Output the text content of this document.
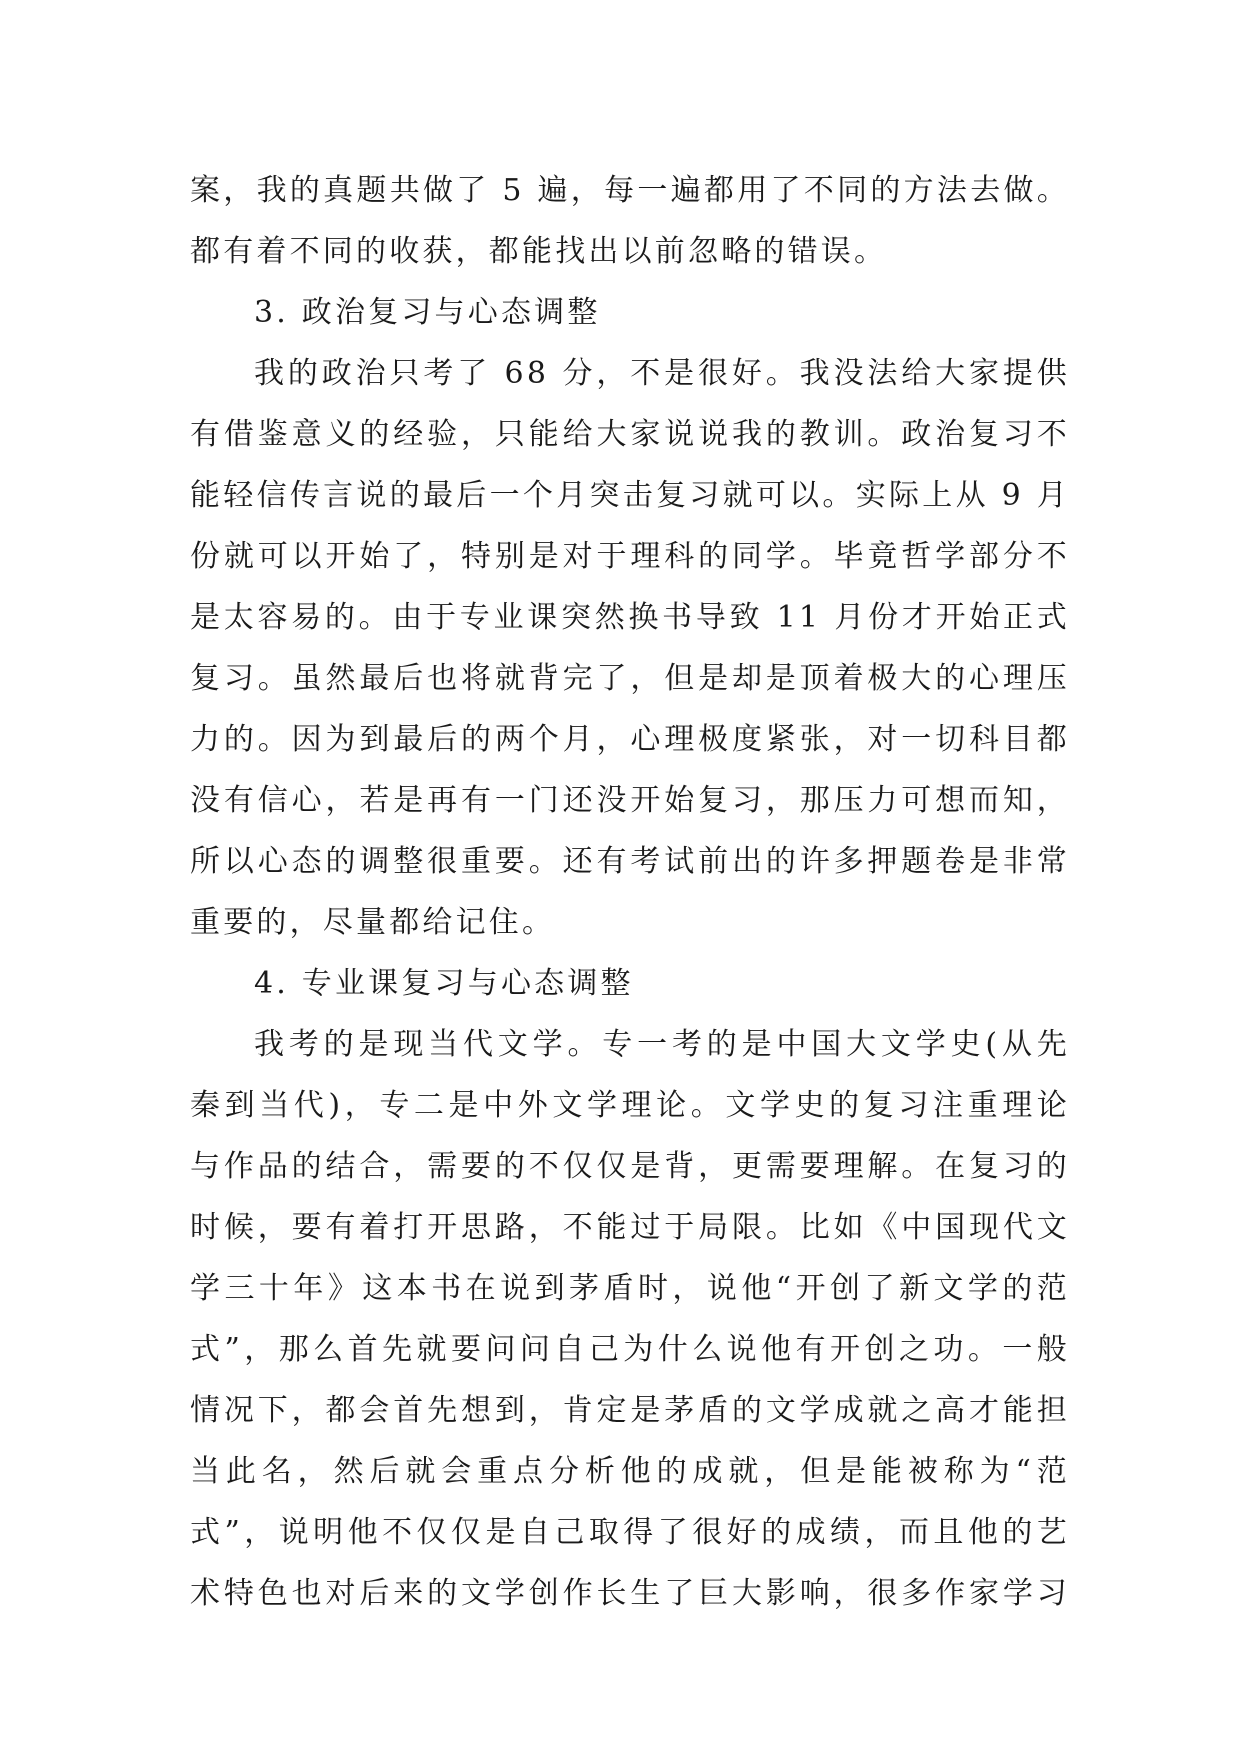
案，我的真题共做了 5 遍，每一遍都用了不同的方法去做。
都有着不同的收获，都能找出以前忽略的错误。
3. 政治复习与心态调整
我的政治只考了 68 分，不是很好。我没法给大家提供
有借鉴意义的经验，只能给大家说说我的教训。政治复习不
能轻信传言说的最后一个月突击复习就可以。实际上从 9 月
份就可以开始了，特别是对于理科的同学。毕竟哲学部分不
是太容易的。由于专业课突然换书导致 11 月份才开始正式
复习。虽然最后也将就背完了，但是却是顶着极大的心理压
力的。因为到最后的两个月，心理极度紧张，对一切科目都
没有信心，若是再有一门还没开始复习，那压力可想而知，
所以心态的调整很重要。还有考试前出的许多押题卷是非常
重要的，尽量都给记住。
4. 专业课复习与心态调整
我考的是现当代文学。专一考的是中国大文学史(从先
秦到当代)，专二是中外文学理论。文学史的复习注重理论
与作品的结合，需要的不仅仅是背，更需要理解。在复习的
时候，要有着打开思路，不能过于局限。比如《中国现代文
学三十年》这本书在说到茅盾时，说他“开创了新文学的范
式”，那么首先就要问问自己为什么说他有开创之功。一般
情况下，都会首先想到，肯定是茅盾的文学成就之高才能担
当此名，然后就会重点分析他的成就，但是能被称为“范
式”，说明他不仅仅是自己取得了很好的成绩，而且他的艺
术特色也对后来的文学创作长生了巨大影响，很多作家学习
